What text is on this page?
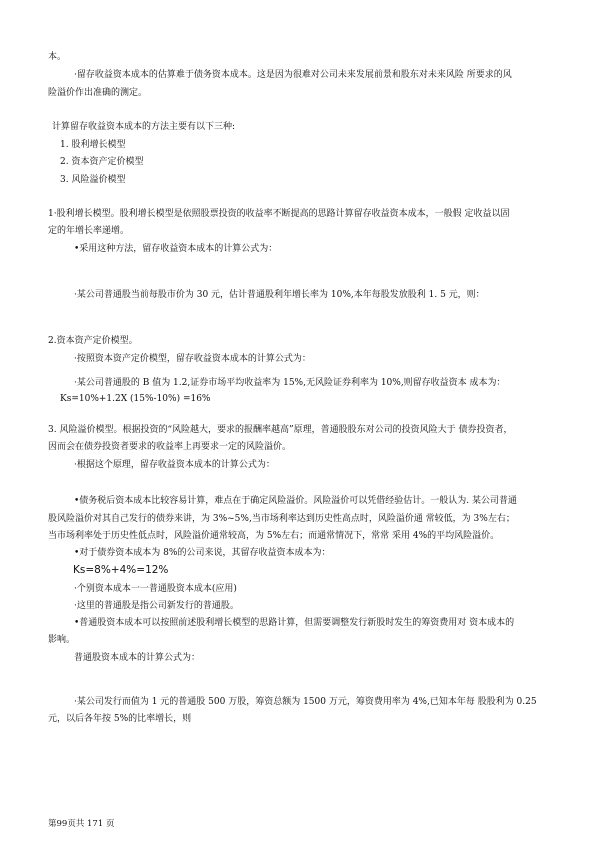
本。
·留存收益资本成本的估算难于债务资本成本。这是因为很难对公司未来发展前景和股东对未来风险 所要求的风
险溢价作出准确的测定。
计算留存收益资本成本的方法主要有以下三种:
1. 股利增长模型
2. 资本资产定价模型
3. 风险溢价模型
1·股利增长模型。股利增长模型是依照股票投资的收益率不断提高的思路计算留存收益资本成本，一般假 定收益以固
定的年增长率递增。
•采用这种方法，留存收益资本成本的计算公式为：
·某公司普通股当前每股市价为 30 元，估计普通股利年增长率为 10%,本年每股发放股利 1. 5 元，则：
2.资本资产定价模型。
·按照资本资产定价模型，留存收益资本成本的计算公式为：
·某公司普通股的 B 值为 1.2,证券市场平均收益率为 15%,无风险证券利率为 10%,则留存收益资本 成本为：
Ks=10%+1.2X (15%-10%) =16%
3. 风险溢价模型。根据投资的“风险越大，要求的报酬率越高”原理，普通股股东对公司的投资风险大于 债券投资者，
因而会在债券投资者要求的收益率上再要求一定的风险溢价。
·根据这个原理，留存收益资本成本的计算公式为：
•债务税后资本成本比较容易计算，难点在于确定风险溢价。风险溢价可以凭借经验估计。一般认为. 某公司普通
股风险溢价对其自己发行的债券来讲，为 3%~5%,当市场利率达到历史性高点时，风险溢价通 常较低，为 3%左右；
当市场利率处于历史性低点时，风险溢价通常较高，为 5%左右；而通常情况下，常常 采用 4%的平均风险溢价。
•对于债券资本成本为 8%的公司来说，其留存收益资本成本为：
Ks=8%+4%=12%
·个别资本成本一一普通股资本成本(应用)
·这里的普通股是指公司新发行的普通股。
•普通股资本成本可以按照前述股利增长模型的思路计算，但需要调整发行新股时发生的筹资费用对 资本成本的
影响。
普通股资本成本的计算公式为：
·某公司发行而值为 1 元的普通股 500 万股，筹资总额为 1500 万元，筹资费用率为 4%,已知本年每 股股利为 0.25
元，以后各年按 5%的比率增长，则
第99页共 171 页
